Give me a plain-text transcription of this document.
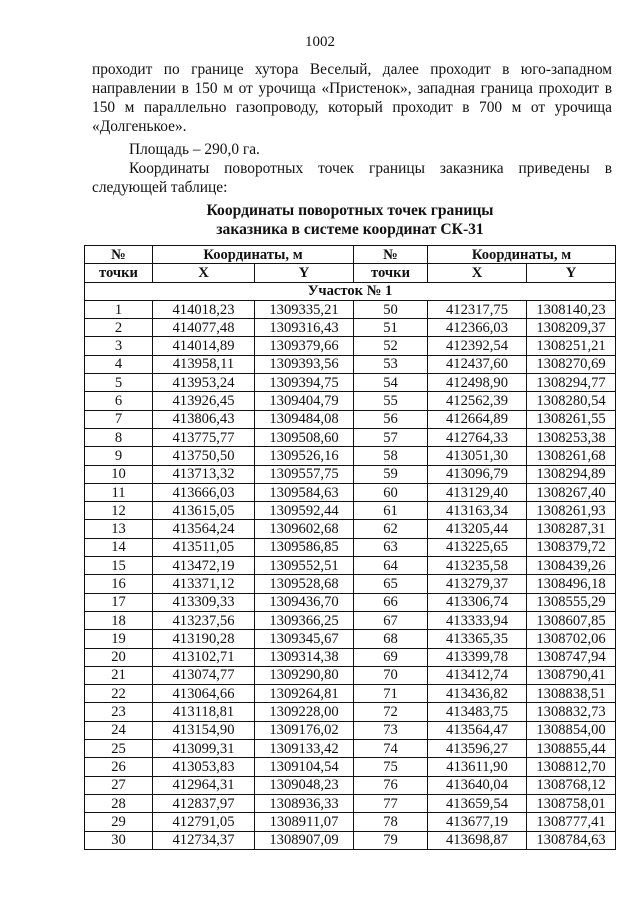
1002

проходит по границе хутора Веселый, далее проходит в юго-западном направлении в 150 м от урочища «Пристенок», западная граница проходит в 150 м параллельно газопроводу, который проходит в 700 м от урочища «Долгенькое».

Площадь – 290,0 га.

Координаты поворотных точек границы заказника приведены в следующей таблице:

Координаты поворотных точек границы
заказника в системе координат СК-31
№	Координаты, м		№	Координаты, м	
точки	X	Y	точки	X	Y
Участок № 1					
1	414018,23	1309335,21	50	412317,75	1308140,23
2	414077,48	1309316,43	51	412366,03	1308209,37
3	414014,89	1309379,66	52	412392,54	1308251,21
4	413958,11	1309393,56	53	412437,60	1308270,69
5	413953,24	1309394,75	54	412498,90	1308294,77
6	413926,45	1309404,79	55	412562,39	1308280,54
7	413806,43	1309484,08	56	412664,89	1308261,55
8	413775,77	1309508,60	57	412764,33	1308253,38
9	413750,50	1309526,16	58	413051,30	1308261,68
10	413713,32	1309557,75	59	413096,79	1308294,89
11	413666,03	1309584,63	60	413129,40	1308267,40
12	413615,05	1309592,44	61	413163,34	1308261,93
13	413564,24	1309602,68	62	413205,44	1308287,31
14	413511,05	1309586,85	63	413225,65	1308379,72
15	413472,19	1309552,51	64	413235,58	1308439,26
16	413371,12	1309528,68	65	413279,37	1308496,18
17	413309,33	1309436,70	66	413306,74	1308555,29
18	413237,56	1309366,25	67	413333,94	1308607,85
19	413190,28	1309345,67	68	413365,35	1308702,06
20	413102,71	1309314,38	69	413399,78	1308747,94
21	413074,77	1309290,80	70	413412,74	1308790,41
22	413064,66	1309264,81	71	413436,82	1308838,51
23	413118,81	1309228,00	72	413483,75	1308832,73
24	413154,90	1309176,02	73	413564,47	1308854,00
25	413099,31	1309133,42	74	413596,27	1308855,44
26	413053,83	1309104,54	75	413611,90	1308812,70
27	412964,31	1309048,23	76	413640,04	1308768,12
28	412837,97	1308936,33	77	413659,54	1308758,01
29	412791,05	1308911,07	78	413677,19	1308777,41
30	412734,37	1308907,09	79	413698,87	1308784,63
